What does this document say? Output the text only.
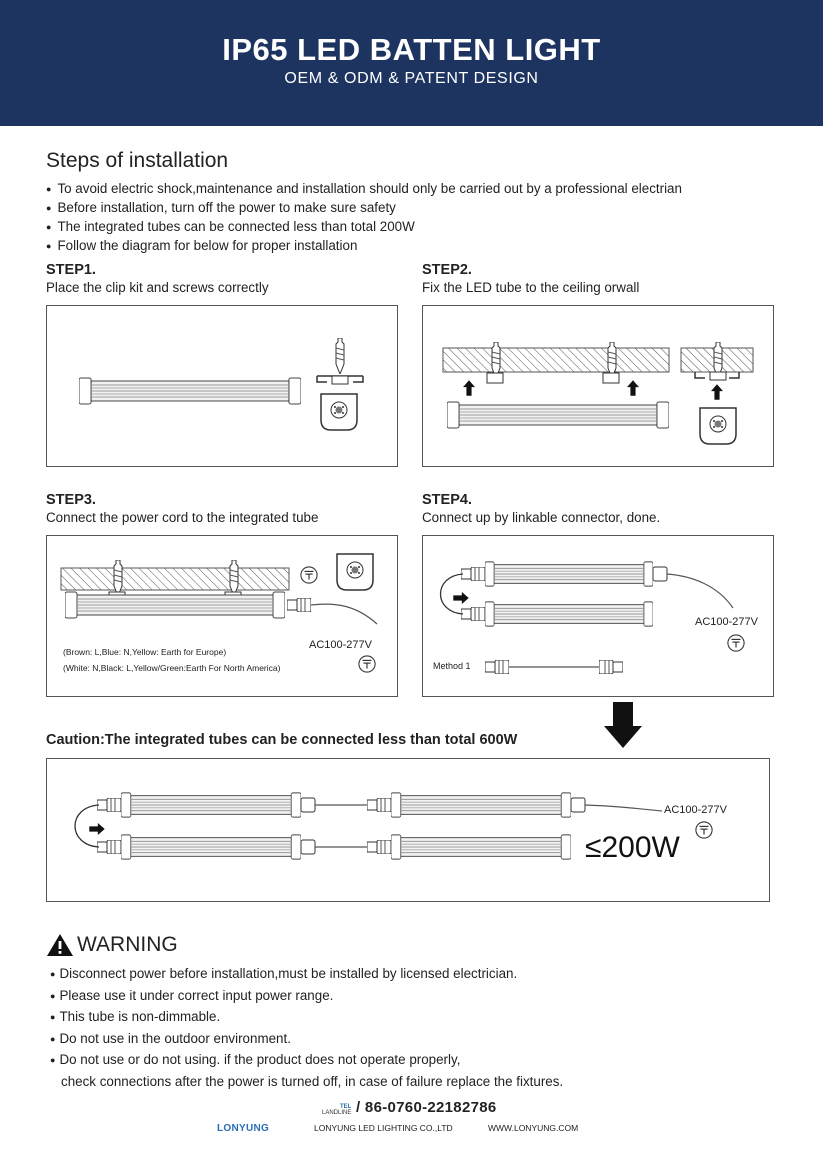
IP65 LED BATTEN LIGHT
OEM & ODM & PATENT DESIGN
Steps of installation
● To avoid electric shock,maintenance and installation should only be carried out by a professional electrian
● Before installation, turn off the power to make sure safety
● The integrated tubes can be connected less than total 200W
● Follow the diagram for below for proper installation
STEP1.
Place the clip kit and screws correctly
STEP2.
Fix the LED tube to the ceiling orwall
STEP3.
Connect the power cord to the integrated tube
(Brown: L,Blue: N,Yellow: Earth for Europe)
(White: N,Black: L,Yellow/Green:Earth For North America)
AC100-277V
STEP4.
Connect up by linkable connector, done.
AC100-277V
Method 1
Caution:The integrated tubes can be connected less than total 600W
AC100-277V
≤200W
WARNING
● Disconnect power before installation,must be installed by licensed electrician.
● Please use it under correct input power range.
● This tube is non-dimmable.
● Do not use in the outdoor environment.
● Do not use or do not using. if the product does not operate properly,
check connections after the power is turned off, in case of failure replace the fixtures.
TEL
LANDLINE / 86-0760-22182786
LONYUNG	LONYUNG LED LIGHTING CO.,LTD	WWW.LONYUNG.COM
